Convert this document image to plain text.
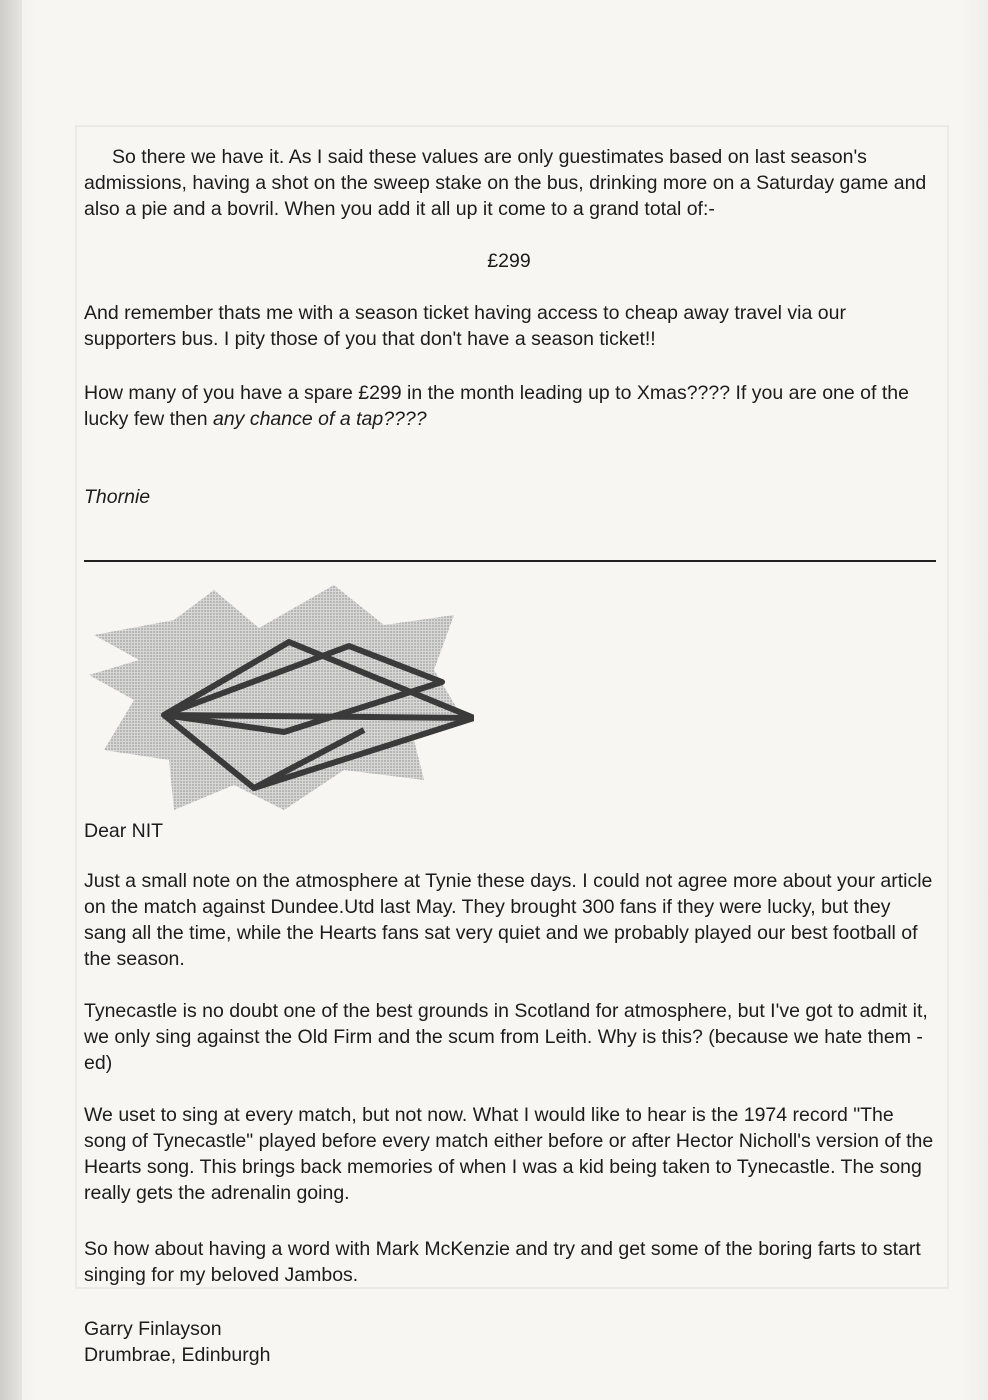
So there we have it. As I said these values are only guestimates based on last season's admissions, having a shot on the sweep stake on the bus, drinking more on a Saturday game and also a pie and a bovril. When you add it all up it come to a grand total of:-

£299

And remember thats me with a season ticket having access to cheap away travel via our supporters bus. I pity those of you that don't have a season ticket!!

How many of you have a spare £299 in the month leading up to Xmas???? If you are one of the lucky few then any chance of a tap????

Thornie

Dear NIT

Just a small note on the atmosphere at Tynie these days. I could not agree more about your article on the match against Dundee.Utd last May. They brought 300 fans if they were lucky, but they sang all the time, while the Hearts fans sat very quiet and we probably played our best football of the season.

Tynecastle is no doubt one of the best grounds in Scotland for atmosphere, but I've got to admit it, we only sing against the Old Firm and the scum from Leith. Why is this? (because we hate them - ed)

We uset to sing at every match, but not now. What I would like to hear is the 1974 record "The song of Tynecastle" played before every match either before or after Hector Nicholl's version of the Hearts song. This brings back memories of when I was a kid being taken to Tynecastle. The song really gets the adrenalin going.

So how about having a word with Mark McKenzie and try and get some of the boring farts to start singing for my beloved Jambos.

Garry Finlayson

Drumbrae, Edinburgh
